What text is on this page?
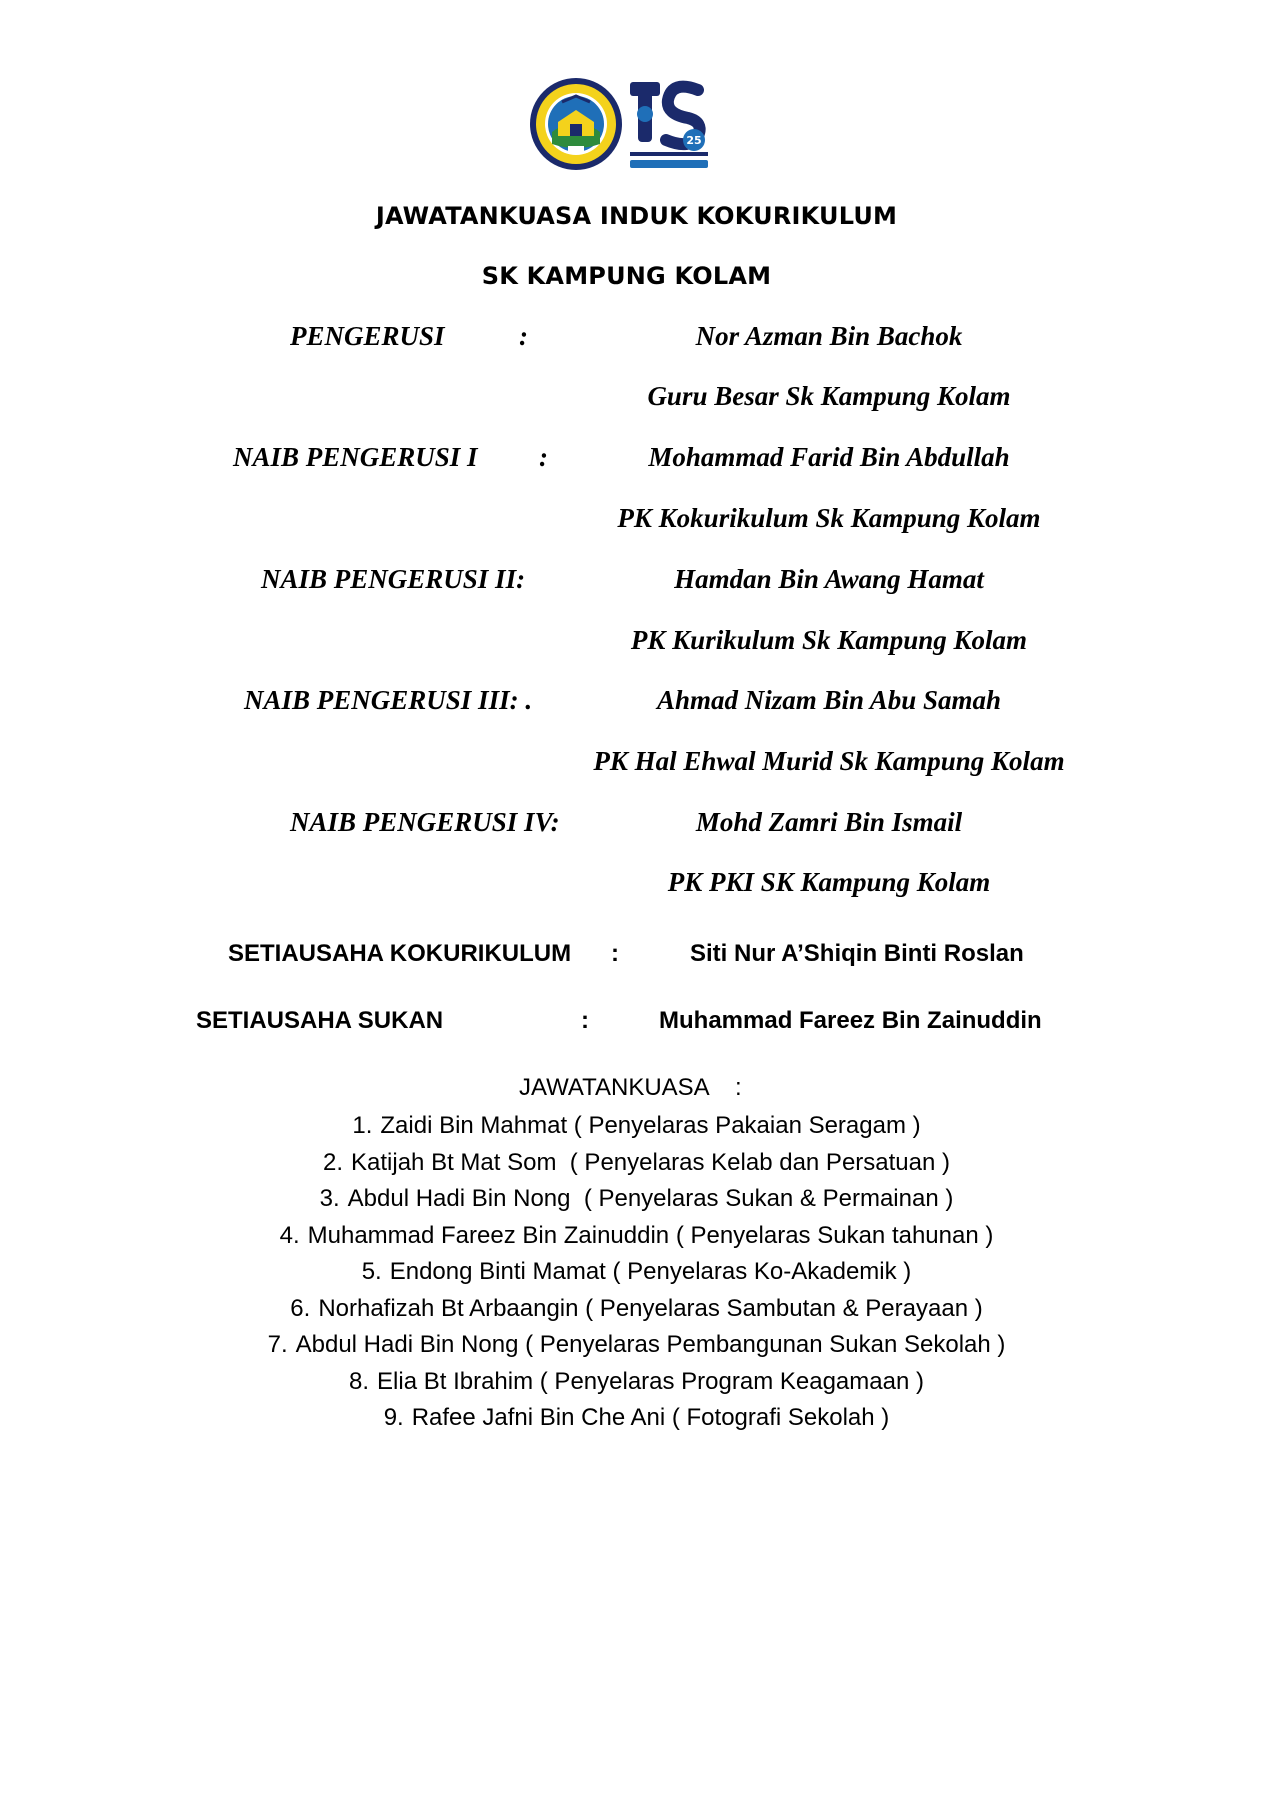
25
JAWATANKUASA INDUK KOKURIKULUM
SK KAMPUNG KOLAM
PENGERUSI	:	Nor Azman Bin Bachok
Guru Besar Sk Kampung Kolam
NAIB PENGERUSI I :	Mohammad Farid Bin Abdullah
PK Kokurikulum Sk Kampung Kolam
NAIB PENGERUSI II:	Hamdan Bin Awang Hamat
PK Kurikulum Sk Kampung Kolam
NAIB PENGERUSI III: .	Ahmad Nizam Bin Abu Samah
PK Hal Ehwal Murid Sk Kampung Kolam
NAIB PENGERUSI IV:	Mohd Zamri Bin Ismail
PK PKI SK Kampung Kolam
SETIAUSAHA KOKURIKULUM :	Siti Nur A’Shiqin Binti Roslan
SETIAUSAHA SUKAN	:	Muhammad Fareez Bin Zainuddin
JAWATANKUASA    :
1. Zaidi Bin Mahmat ( Penyelaras Pakaian Seragam )
2. Katijah Bt Mat Som  ( Penyelaras Kelab dan Persatuan )
3. Abdul Hadi Bin Nong  ( Penyelaras Sukan & Permainan )
4. Muhammad Fareez Bin Zainuddin ( Penyelaras Sukan tahunan )
5. Endong Binti Mamat ( Penyelaras Ko-Akademik )
6. Norhafizah Bt Arbaangin ( Penyelaras Sambutan & Perayaan )
7. Abdul Hadi Bin Nong ( Penyelaras Pembangunan Sukan Sekolah )
8. Elia Bt Ibrahim ( Penyelaras Program Keagamaan )
9. Rafee Jafni Bin Che Ani ( Fotografi Sekolah )
